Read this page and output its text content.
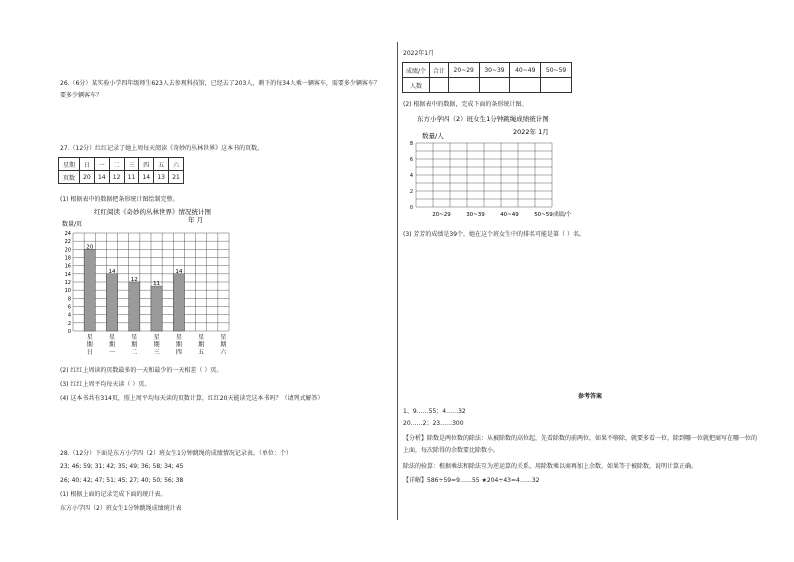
26.（6分）某实验小学四年级师生623人去参观科技馆，已经去了203人，剩下的每34人乘一辆客车，需要多少辆客车？
要多少辆客车？
27.（12分）红红记录了她上周每天阅读《奇妙的丛林世界》这本书的页数。
星期	日	一	二	三	四	五	六
页数	20	14	12	11	14	13	21
(1) 根据表中的数据把条形统计图绘制完整。
红红阅读《奇妙的丛林世界》情况统计图
年 月
数量/页
0
2
4
6
8
10
12
14
16
18
20
22
24
20
星
期
日
14
星
期
一
12
星
期
二
11
星
期
三
14
星
期
四
星
期
五
星
期
六
(2) 红红上周读的页数最多的一天和最少的一天相差（ ）页。
(3) 红红上周平均每天读（ ）页。
(4) 这本书共有314页，照上周平均每天读的页数计算，红红20天能读完这本书吗？（请列式解答）
28.（12分）下面是东方小学四（2）班女生1分钟跳绳的成绩情况记录表。（单位：个）
23; 46; 59; 31; 42; 35; 49; 36; 58; 34; 45
26; 40; 42; 47; 51; 45; 27; 40; 50; 56; 38
(1) 根据上面的记录完成下面的统计表。
东方小学四（2）班女生1分钟跳绳成绩统计表
2022年1月
成绩/个	合计	20~29	30~39	40~49	50~59
人数					
(2) 根据表中的数据，完成下面的条形统计图。
东方小学四（2）班女生1分钟跳绳成绩统计图
2022年 1月
数量/人
0
2
4
6
8
20~29	30~39	40~49	50~59 成绩/个
(3) 芳芳的成绩是39个，她在这个班女生中的排名可能是第（ ）名。
参考答案
1、9……55；4……32
20……2；23……300
【分析】除数是两位数的除法：从被除数的高位起，先看除数的前两位，如果不够除，就要多看一位，除到哪一位就把商写在哪一位的上面，每次除得的余数要比除数小。
除法的验算：根据乘法和除法互为逆运算的关系，用除数乘以商再加上余数，如果等于被除数，说明计算正确。
【详解】586÷59=9……55 ★204÷43=4……32
